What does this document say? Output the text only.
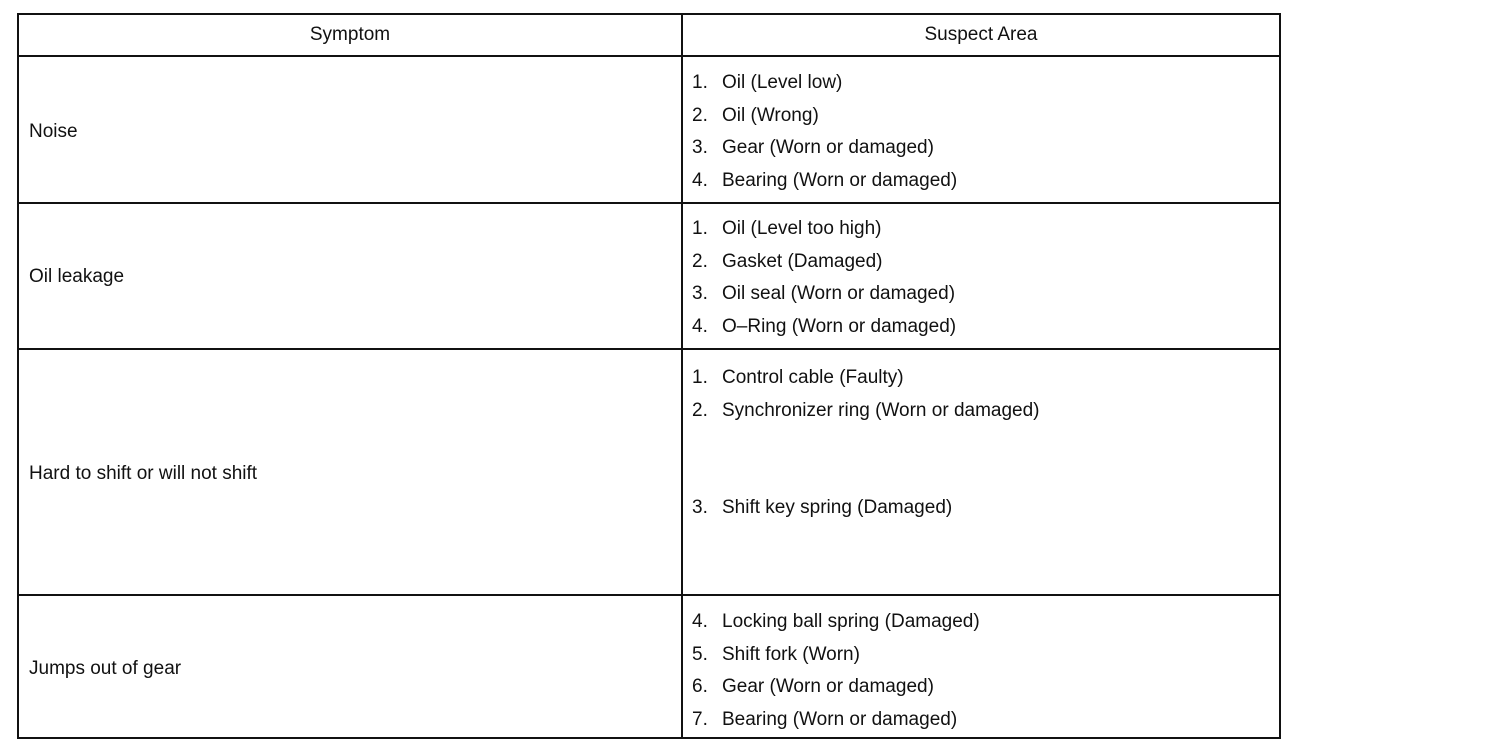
Symptom	Suspect Area
Noise
1. Oil (Level low)
2. Oil (Wrong)
3. Gear (Worn or damaged)
4. Bearing (Worn or damaged)
Oil leakage
1. Oil (Level too high)
2. Gasket (Damaged)
3. Oil seal (Worn or damaged)
4. O–Ring (Worn or damaged)
Hard to shift or will not shift
1. Control cable (Faulty)
2. Synchronizer ring (Worn or damaged)
3. Shift key spring (Damaged)
Jumps out of gear
4. Locking ball spring (Damaged)
5. Shift fork (Worn)
6. Gear (Worn or damaged)
7. Bearing (Worn or damaged)
